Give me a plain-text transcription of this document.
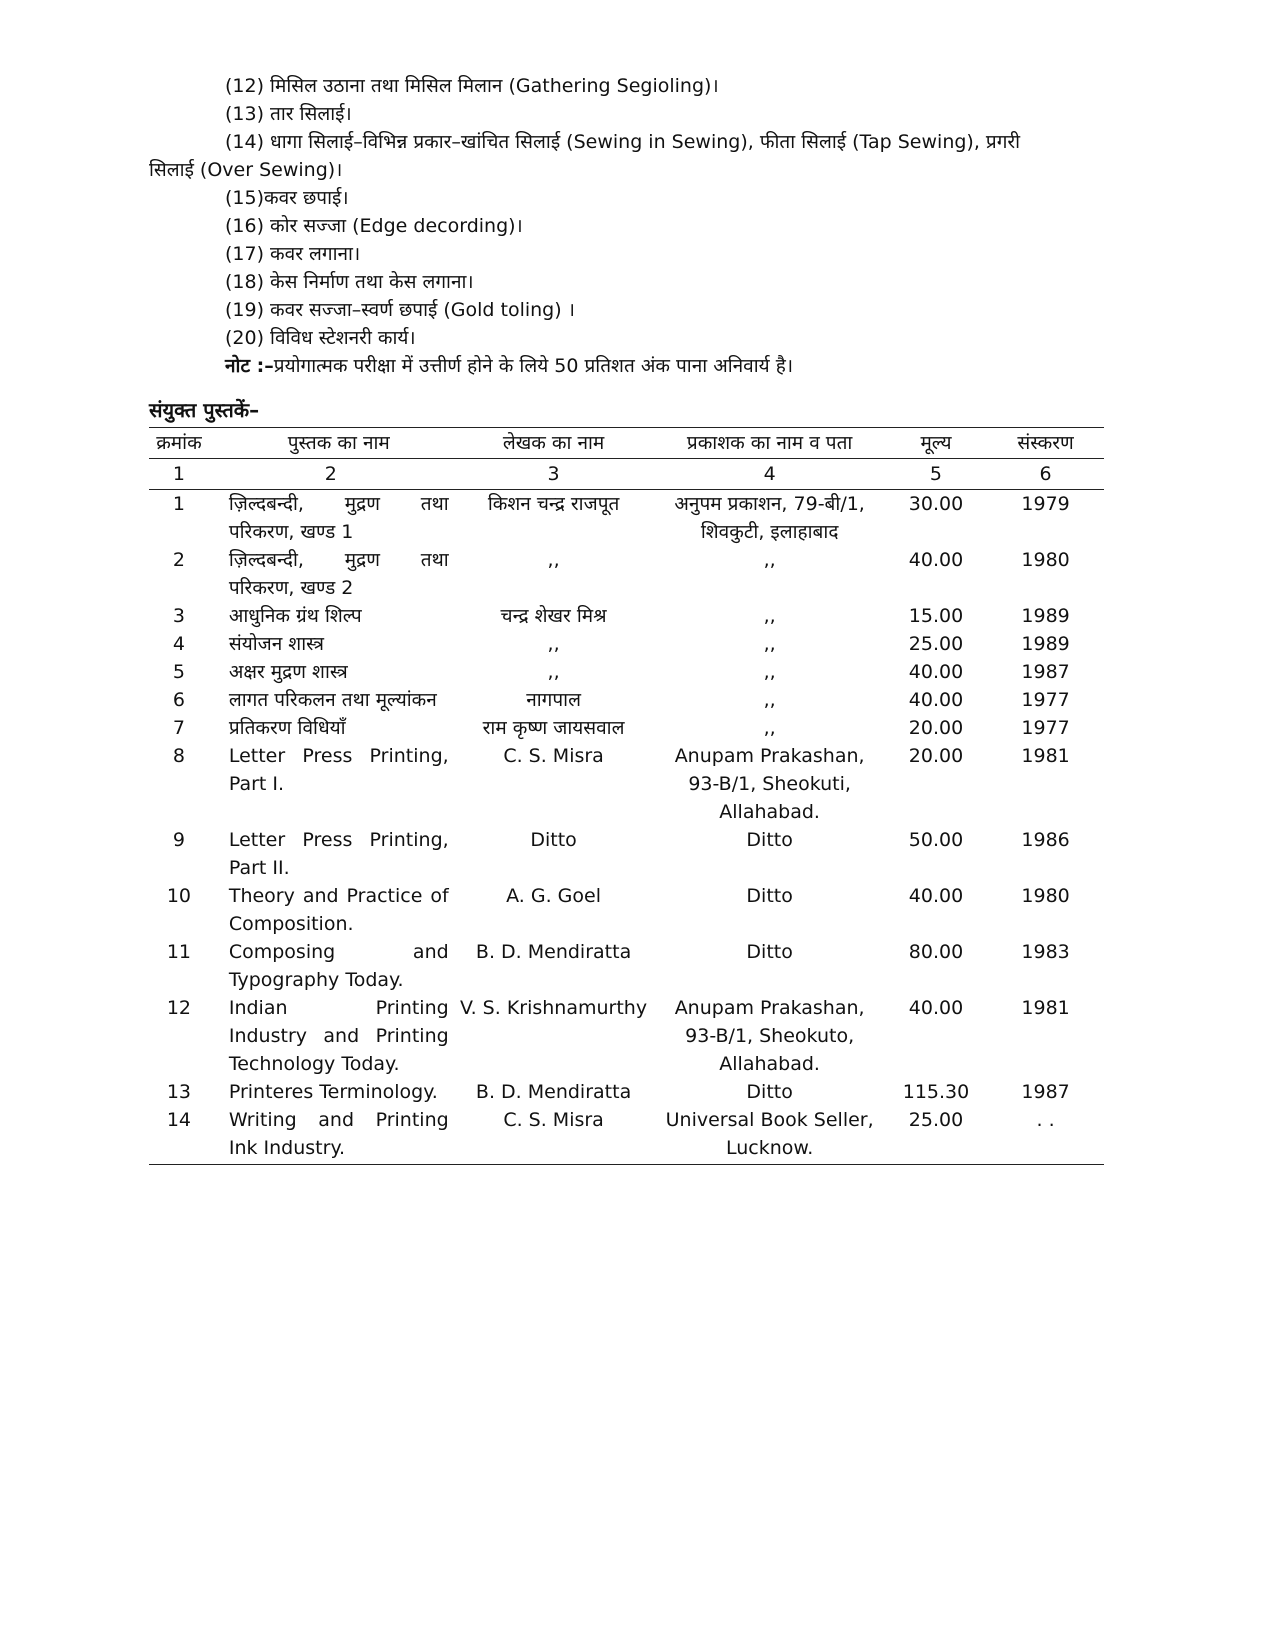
(12) मिसिल उठाना तथा मिसिल मिलान (Gathering Segioling)।
(13) तार सिलाई।
(14) धागा सिलाई–विभिन्न प्रकार–खांचित सिलाई (Sewing in Sewing), फीता सिलाई (Tap Sewing), प्रगरी
सिलाई (Over Sewing)।
(15)कवर छपाई।
(16) कोर सज्जा (Edge decording)।
(17) कवर लगाना।
(18) केस निर्माण तथा केस लगाना।
(19) कवर सज्जा–स्वर्ण छपाई (Gold toling) ।
(20) विविध स्टेशनरी कार्य।
नोट :–प्रयोगात्मक परीक्षा में उत्तीर्ण होने के लिये 50 प्रतिशत अंक पाना अनिवार्य है।
संयुक्त पुस्तकें–
क्रमांक	पुस्तक का नाम	लेखक का नाम	प्रकाशक का नाम व पता	मूल्य	संस्करण
1	2	3	4	5	6
1	ज़िल्दबन्दी, मुद्रण तथा परिकरण, खण्ड 1	किशन चन्द्र राजपूत	अनुपम प्रकाशन, 79-बी/1, शिवकुटी, इलाहाबाद	30.00	1979
2	ज़िल्दबन्दी, मुद्रण तथा परिकरण, खण्ड 2	,,	,,	40.00	1980
3	आधुनिक ग्रंथ शिल्प	चन्द्र शेखर मिश्र	,,	15.00	1989
4	संयोजन शास्त्र	,,	,,	25.00	1989
5	अक्षर मुद्रण शास्त्र	,,	,,	40.00	1987
6	लागत परिकलन तथा मूल्यांकन	नागपाल	,,	40.00	1977
7	प्रतिकरण विधियाँ	राम कृष्ण जायसवाल	,,	20.00	1977
8	Letter Press Printing, Part I.	C. S. Misra	Anupam Prakashan, 93-B/1, Sheokuti, Allahabad.	20.00	1981
9	Letter Press Printing, Part II.	Ditto	Ditto	50.00	1986
10	Theory and Practice of Composition.	A. G. Goel	Ditto	40.00	1980
11	Composing and Typography Today.	B. D. Mendiratta	Ditto	80.00	1983
12	Indian Printing Industry and Printing Technology Today.	V. S. Krishnamurthy	Anupam Prakashan, 93-B/1, Sheokuto, Allahabad.	40.00	1981
13	Printeres Terminology.	B. D. Mendiratta	Ditto	115.30	1987
14	Writing and Printing Ink Industry.	C. S. Misra	Universal Book Seller, Lucknow.	25.00	. .
